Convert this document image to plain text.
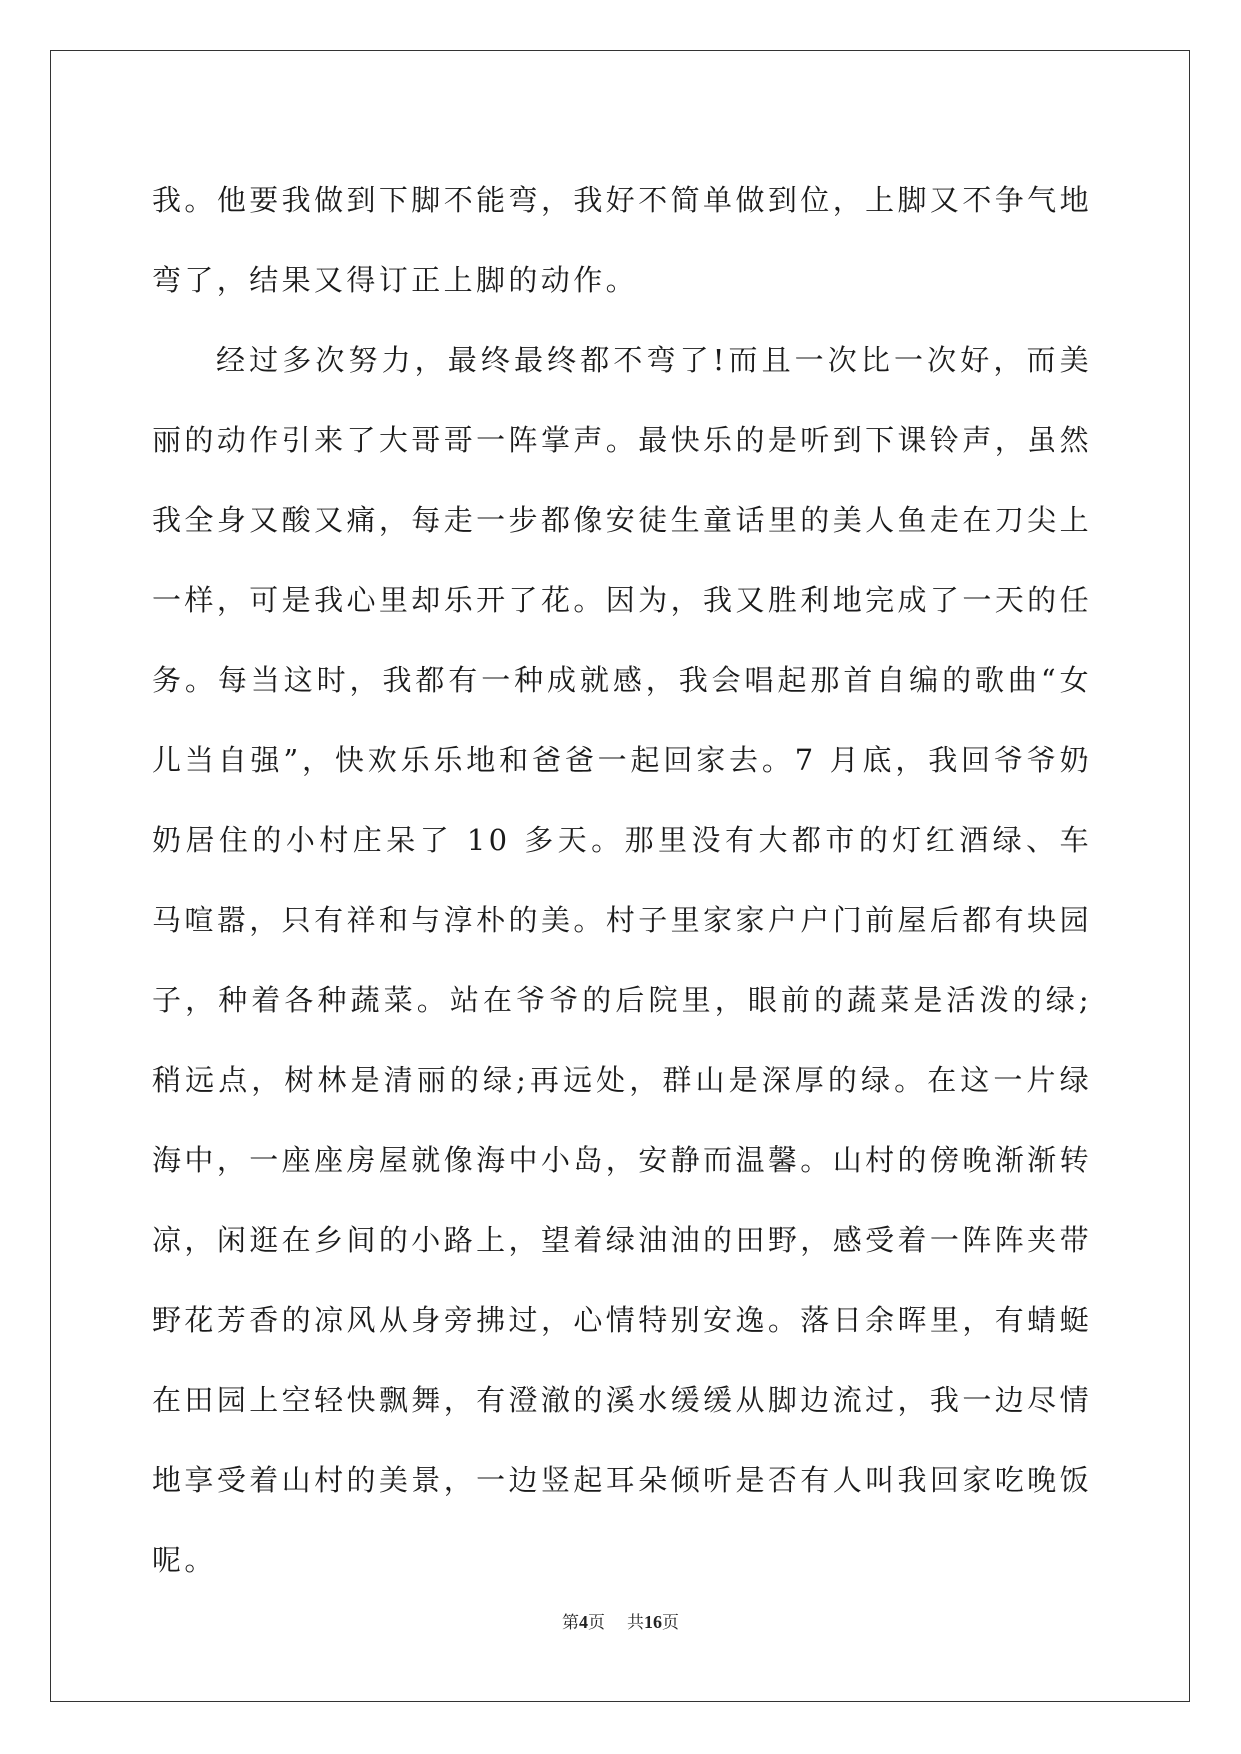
我。他要我做到下脚不能弯，我好不简单做到位，上脚又不争气地弯了，结果又得订正上脚的动作。

经过多次努力，最终最终都不弯了!而且一次比一次好，而美丽的动作引来了大哥哥一阵掌声。最快乐的是听到下课铃声，虽然我全身又酸又痛，每走一步都像安徒生童话里的美人鱼走在刀尖上一样，可是我心里却乐开了花。因为，我又胜利地完成了一天的任务。每当这时，我都有一种成就感，我会唱起那首自编的歌曲“女儿当自强”，快欢乐乐地和爸爸一起回家去。7 月底，我回爷爷奶奶居住的小村庄呆了 10 多天。那里没有大都市的灯红酒绿、车马喧嚣，只有祥和与淳朴的美。村子里家家户户门前屋后都有块园子，种着各种蔬菜。站在爷爷的后院里，眼前的蔬菜是活泼的绿;稍远点，树林是清丽的绿;再远处，群山是深厚的绿。在这一片绿海中，一座座房屋就像海中小岛，安静而温馨。山村的傍晚渐渐转凉，闲逛在乡间的小路上，望着绿油油的田野，感受着一阵阵夹带野花芳香的凉风从身旁拂过，心情特别安逸。落日余晖里，有蜻蜓在田园上空轻快飘舞，有澄澈的溪水缓缓从脚边流过，我一边尽情地享受着山村的美景，一边竖起耳朵倾听是否有人叫我回家吃晚饭呢。

第4页 共16页
